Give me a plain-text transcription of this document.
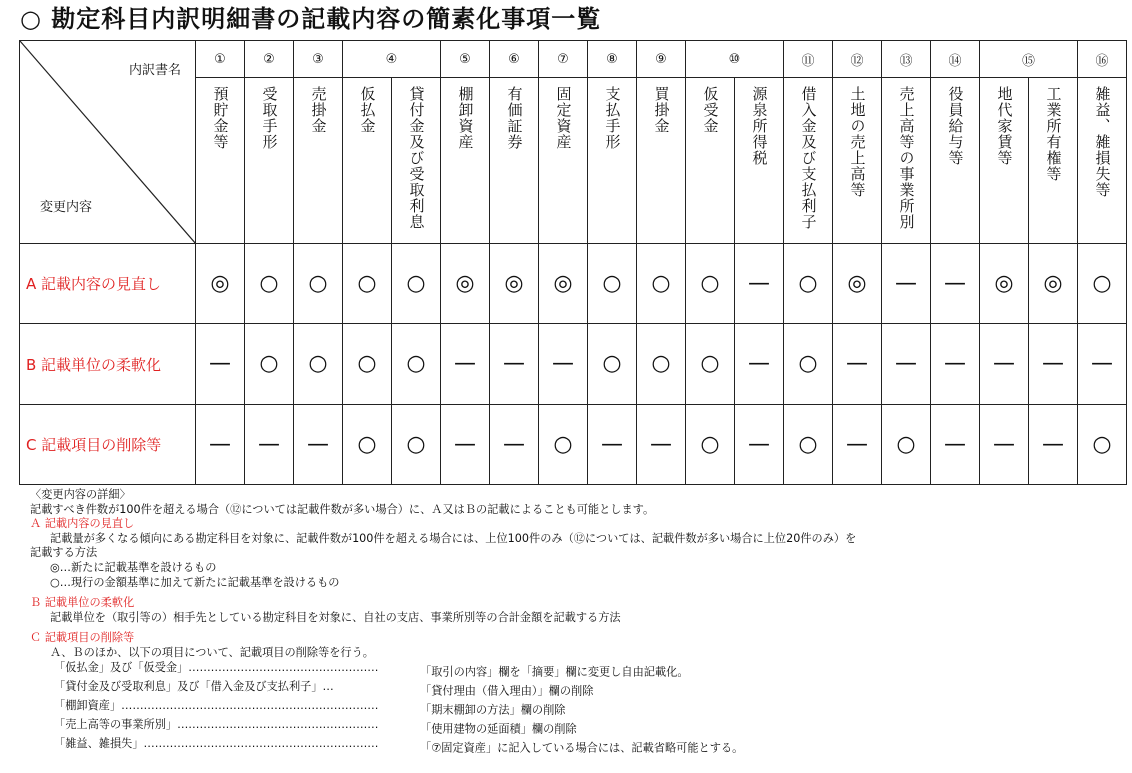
○ 勘定科目内訳明細書の記載内容の簡素化事項一覧
内訳書名
変更内容	①	②	③	④		⑤	⑥	⑦	⑧	⑨	⑩		⑪	⑫	⑬	⑭	⑮		⑯
	預貯金等	受取手形	売掛金	仮払金	貸付金及び受取利息	棚卸資産	有価証券	固定資産	支払手形	買掛金	仮受金	源泉所得税	借入金及び支払利子	土地の売上高等	売上高等の事業所別	役員給与等	地代家賃等	工業所有権等	雑益︑雑損失等
A 記載内容の見直し	◎	○	○	○	○	◎	◎	◎	○	○	○	—	○	◎	—	—	◎	◎	○
B 記載単位の柔軟化	—	○	○	○	○	—	—	—	○	○	○	—	○	—	—	—	—	—	—
C 記載項目の削除等	—	—	—	○	○	—	—	○	—	—	○	—	○	—	○	—	—	—	○
〈変更内容の詳細〉
記載すべき件数が100件を超える場合（⑫については記載件数が多い場合）に、Ａ又はＢの記載によることも可能とします。
Ａ 記載内容の見直し
記載量が多くなる傾向にある勘定科目を対象に、記載件数が100件を超える場合には、上位100件のみ（⑫については、記載件数が多い場合に上位20件のみ）を
記載する方法
◎…新たに記載基準を設けるもの
○…現行の金額基準に加えて新たに記載基準を設けるもの
Ｂ 記載単位の柔軟化
記載単位を（取引等の）相手先としている勘定科目を対象に、自社の支店、事業所別等の合計金額を記載する方法
Ｃ 記載項目の削除等
Ａ、Ｂのほか、以下の項目について、記載項目の削除等を行う。
「仮払金」及び「仮受金」……………………………………………	「取引の内容」欄を「摘要」欄に変更し自由記載化。
「貸付金及び受取利息」及び「借入金及び支払利子」…	「貸付理由（借入理由）」欄の削除
「棚卸資産」……………………………………………………………	「期末棚卸の方法」欄の削除
「売上高等の事業所別」………………………………………………	「使用建物の延面積」欄の削除
「雑益、雑損失」………………………………………………………	「⑦固定資産」に記入している場合には、記載省略可能とする。
